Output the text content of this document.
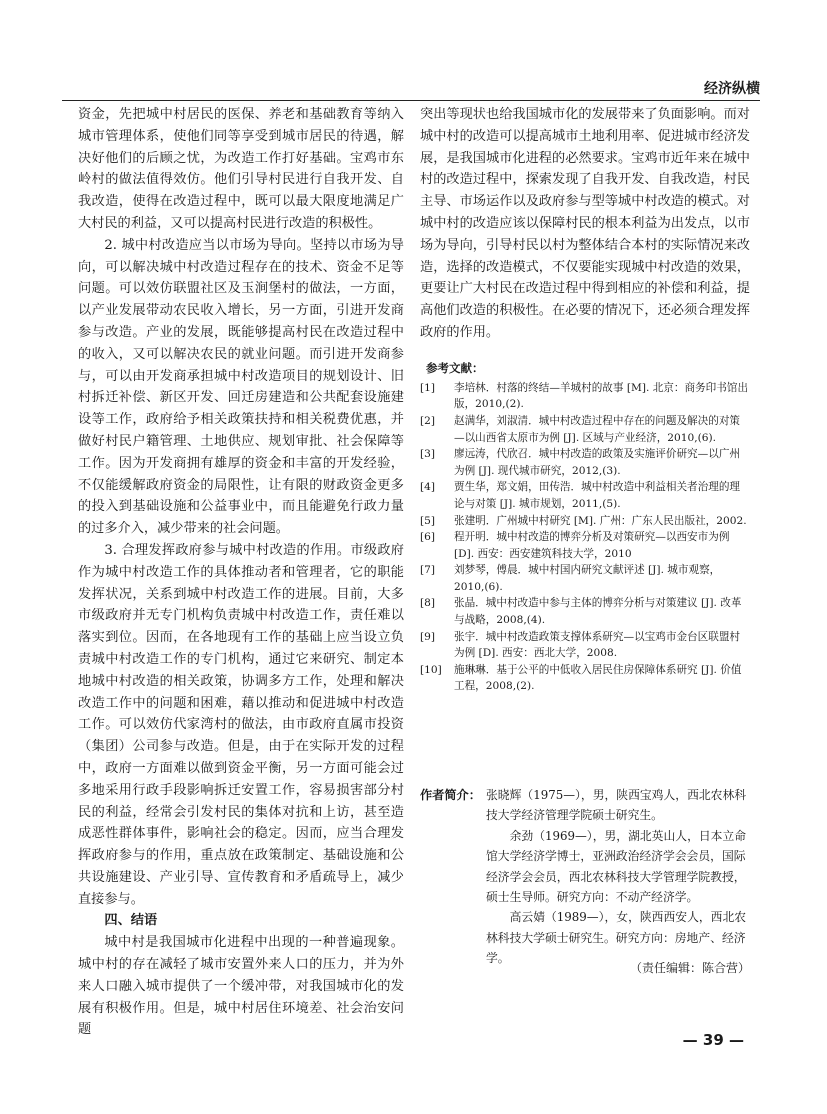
经济纵横

资金，先把城中村居民的医保、养老和基础教育等纳入城市管理体系，使他们同等享受到城市居民的待遇，解决好他们的后顾之忧，为改造工作打好基础。宝鸡市东岭村的做法值得效仿。他们引导村民进行自我开发、自我改造，使得在改造过程中，既可以最大限度地满足广大村民的利益，又可以提高村民进行改造的积极性。

2. 城中村改造应当以市场为导向。坚持以市场为导向，可以解决城中村改造过程存在的技术、资金不足等问题。可以效仿联盟社区及玉涧堡村的做法，一方面，以产业发展带动农民收入增长，另一方面，引进开发商参与改造。产业的发展，既能够提高村民在改造过程中的收入，又可以解决农民的就业问题。而引进开发商参与，可以由开发商承担城中村改造项目的规划设计、旧村拆迁补偿、新区开发、回迁房建造和公共配套设施建设等工作，政府给予相关政策扶持和相关税费优惠，并做好村民户籍管理、土地供应、规划审批、社会保障等工作。因为开发商拥有雄厚的资金和丰富的开发经验，不仅能缓解政府资金的局限性，让有限的财政资金更多的投入到基础设施和公益事业中，而且能避免行政力量的过多介入，减少带来的社会问题。

3. 合理发挥政府参与城中村改造的作用。市级政府作为城中村改造工作的具体推动者和管理者，它的职能发挥状况，关系到城中村改造工作的进展。目前，大多市级政府并无专门机构负责城中村改造工作，责任难以落实到位。因而，在各地现有工作的基础上应当设立负责城中村改造工作的专门机构，通过它来研究、制定本地城中村改造的相关政策，协调多方工作，处理和解决改造工作中的问题和困难，藉以推动和促进城中村改造工作。可以效仿代家湾村的做法，由市政府直属市投资（集团）公司参与改造。但是，由于在实际开发的过程中，政府一方面难以做到资金平衡，另一方面可能会过多地采用行政手段影响拆迁安置工作，容易损害部分村民的利益，经常会引发村民的集体对抗和上访，甚至造成恶性群体事件，影响社会的稳定。因而，应当合理发挥政府参与的作用，重点放在政策制定、基础设施和公共设施建设、产业引导、宣传教育和矛盾疏导上，减少直接参与。

四、结语

城中村是我国城市化进程中出现的一种普遍现象。城中村的存在减轻了城市安置外来人口的压力，并为外来人口融入城市提供了一个缓冲带，对我国城市化的发展有积极作用。但是，城中村居住环境差、社会治安问题

突出等现状也给我国城市化的发展带来了负面影响。而对城中村的改造可以提高城市土地利用率、促进城市经济发展，是我国城市化进程的必然要求。宝鸡市近年来在城中村的改造过程中，探索发现了自我开发、自我改造，村民主导、市场运作以及政府参与型等城中村改造的模式。对城中村的改造应该以保障村民的根本利益为出发点，以市场为导向，引导村民以村为整体结合本村的实际情况来改造，选择的改造模式，不仅要能实现城中村改造的效果，更要让广大村民在改造过程中得到相应的补偿和利益，提高他们改造的积极性。在必要的情况下，还必须合理发挥政府的作用。

参考文献：
[1]	李培林．村落的终结—羊城村的故事 [M]. 北京：商务印书馆出版，2010,(2).
[2]	赵满华，刘淑清．城中村改造过程中存在的问题及解决的对策—以山西省太原市为例 [J]. 区域与产业经济，2010,(6).
[3]	廖远涛，代欣召．城中村改造的政策及实施评价研究—以广州为例 [J]. 现代城市研究，2012,(3).
[4]	贾生华，郑文娟，田传浩．城中村改造中利益相关者治理的理论与对策 [J]. 城市规划，2011,(5).
[5]	张建明．广州城中村研究 [M]. 广州：广东人民出版社，2002.
[6]	程开明．城中村改造的博弈分析及对策研究—以西安市为例 [D]. 西安：西安建筑科技大学，2010
[7]	刘梦琴，傅晨．城中村国内研究文献评述 [J]. 城市观察，2010,(6).
[8]	张晶．城中村改造中参与主体的博弈分析与对策建议 [J]. 改革与战略，2008,(4).
[9]	张宇．城中村改造政策支撑体系研究—以宝鸡市金台区联盟村为例 [D]. 西安：西北大学，2008.
[10]	施琳琳．基于公平的中低收入居民住房保障体系研究 [J]. 价值工程，2008,(2).
作者简介： 张晓辉（1975—），男，陕西宝鸡人，西北农林科技大学经济管理学院硕士研究生。

余劲（1969—），男，湖北英山人，日本立命馆大学经济学博士，亚洲政治经济学会会员，国际经济学会会员，西北农林科技大学管理学院教授，硕士生导师。研究方向：不动产经济学。

高云婧（1989—），女，陕西西安人，西北农林科技大学硕士研究生。研究方向：房地产、经济学。

（责任编辑：陈合营）
— 39 —
